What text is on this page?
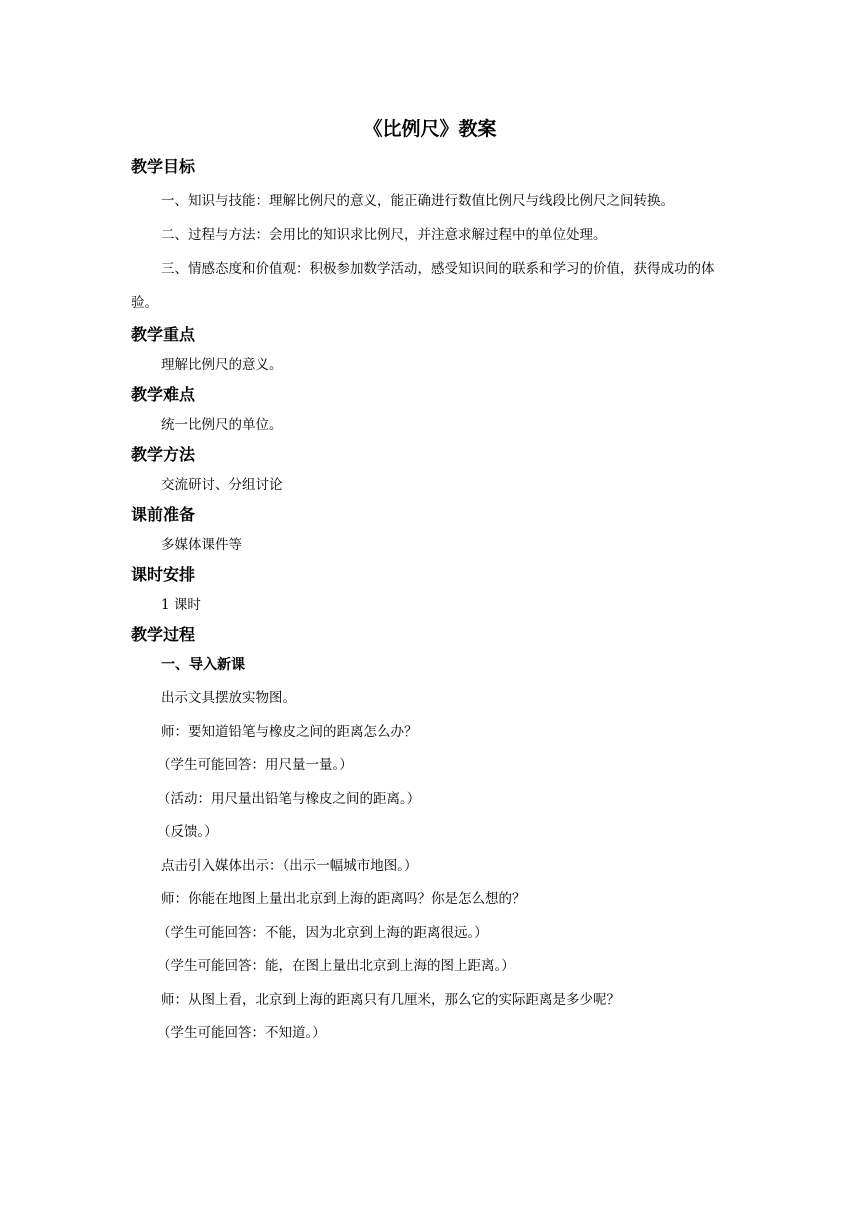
《比例尺》教案
教学目标
一、知识与技能：理解比例尺的意义，能正确进行数值比例尺与线段比例尺之间转换。
二、过程与方法：会用比的知识求比例尺，并注意求解过程中的单位处理。
三、情感态度和价值观：积极参加数学活动，感受知识间的联系和学习的价值，获得成功的体验。
教学重点
理解比例尺的意义。
教学难点
统一比例尺的单位。
教学方法
交流研讨、分组讨论
课前准备
多媒体课件等
课时安排
1 课时
教学过程
一、导入新课
出示文具摆放实物图。
师：要知道铅笔与橡皮之间的距离怎么办？
（学生可能回答：用尺量一量。）
（活动：用尺量出铅笔与橡皮之间的距离。）
（反馈。）
点击引入媒体出示：（出示一幅城市地图。）
师：你能在地图上量出北京到上海的距离吗？你是怎么想的？
（学生可能回答：不能，因为北京到上海的距离很远。）
（学生可能回答：能，在图上量出北京到上海的图上距离。）
师：从图上看，北京到上海的距离只有几厘米，那么它的实际距离是多少呢？
（学生可能回答：不知道。）
